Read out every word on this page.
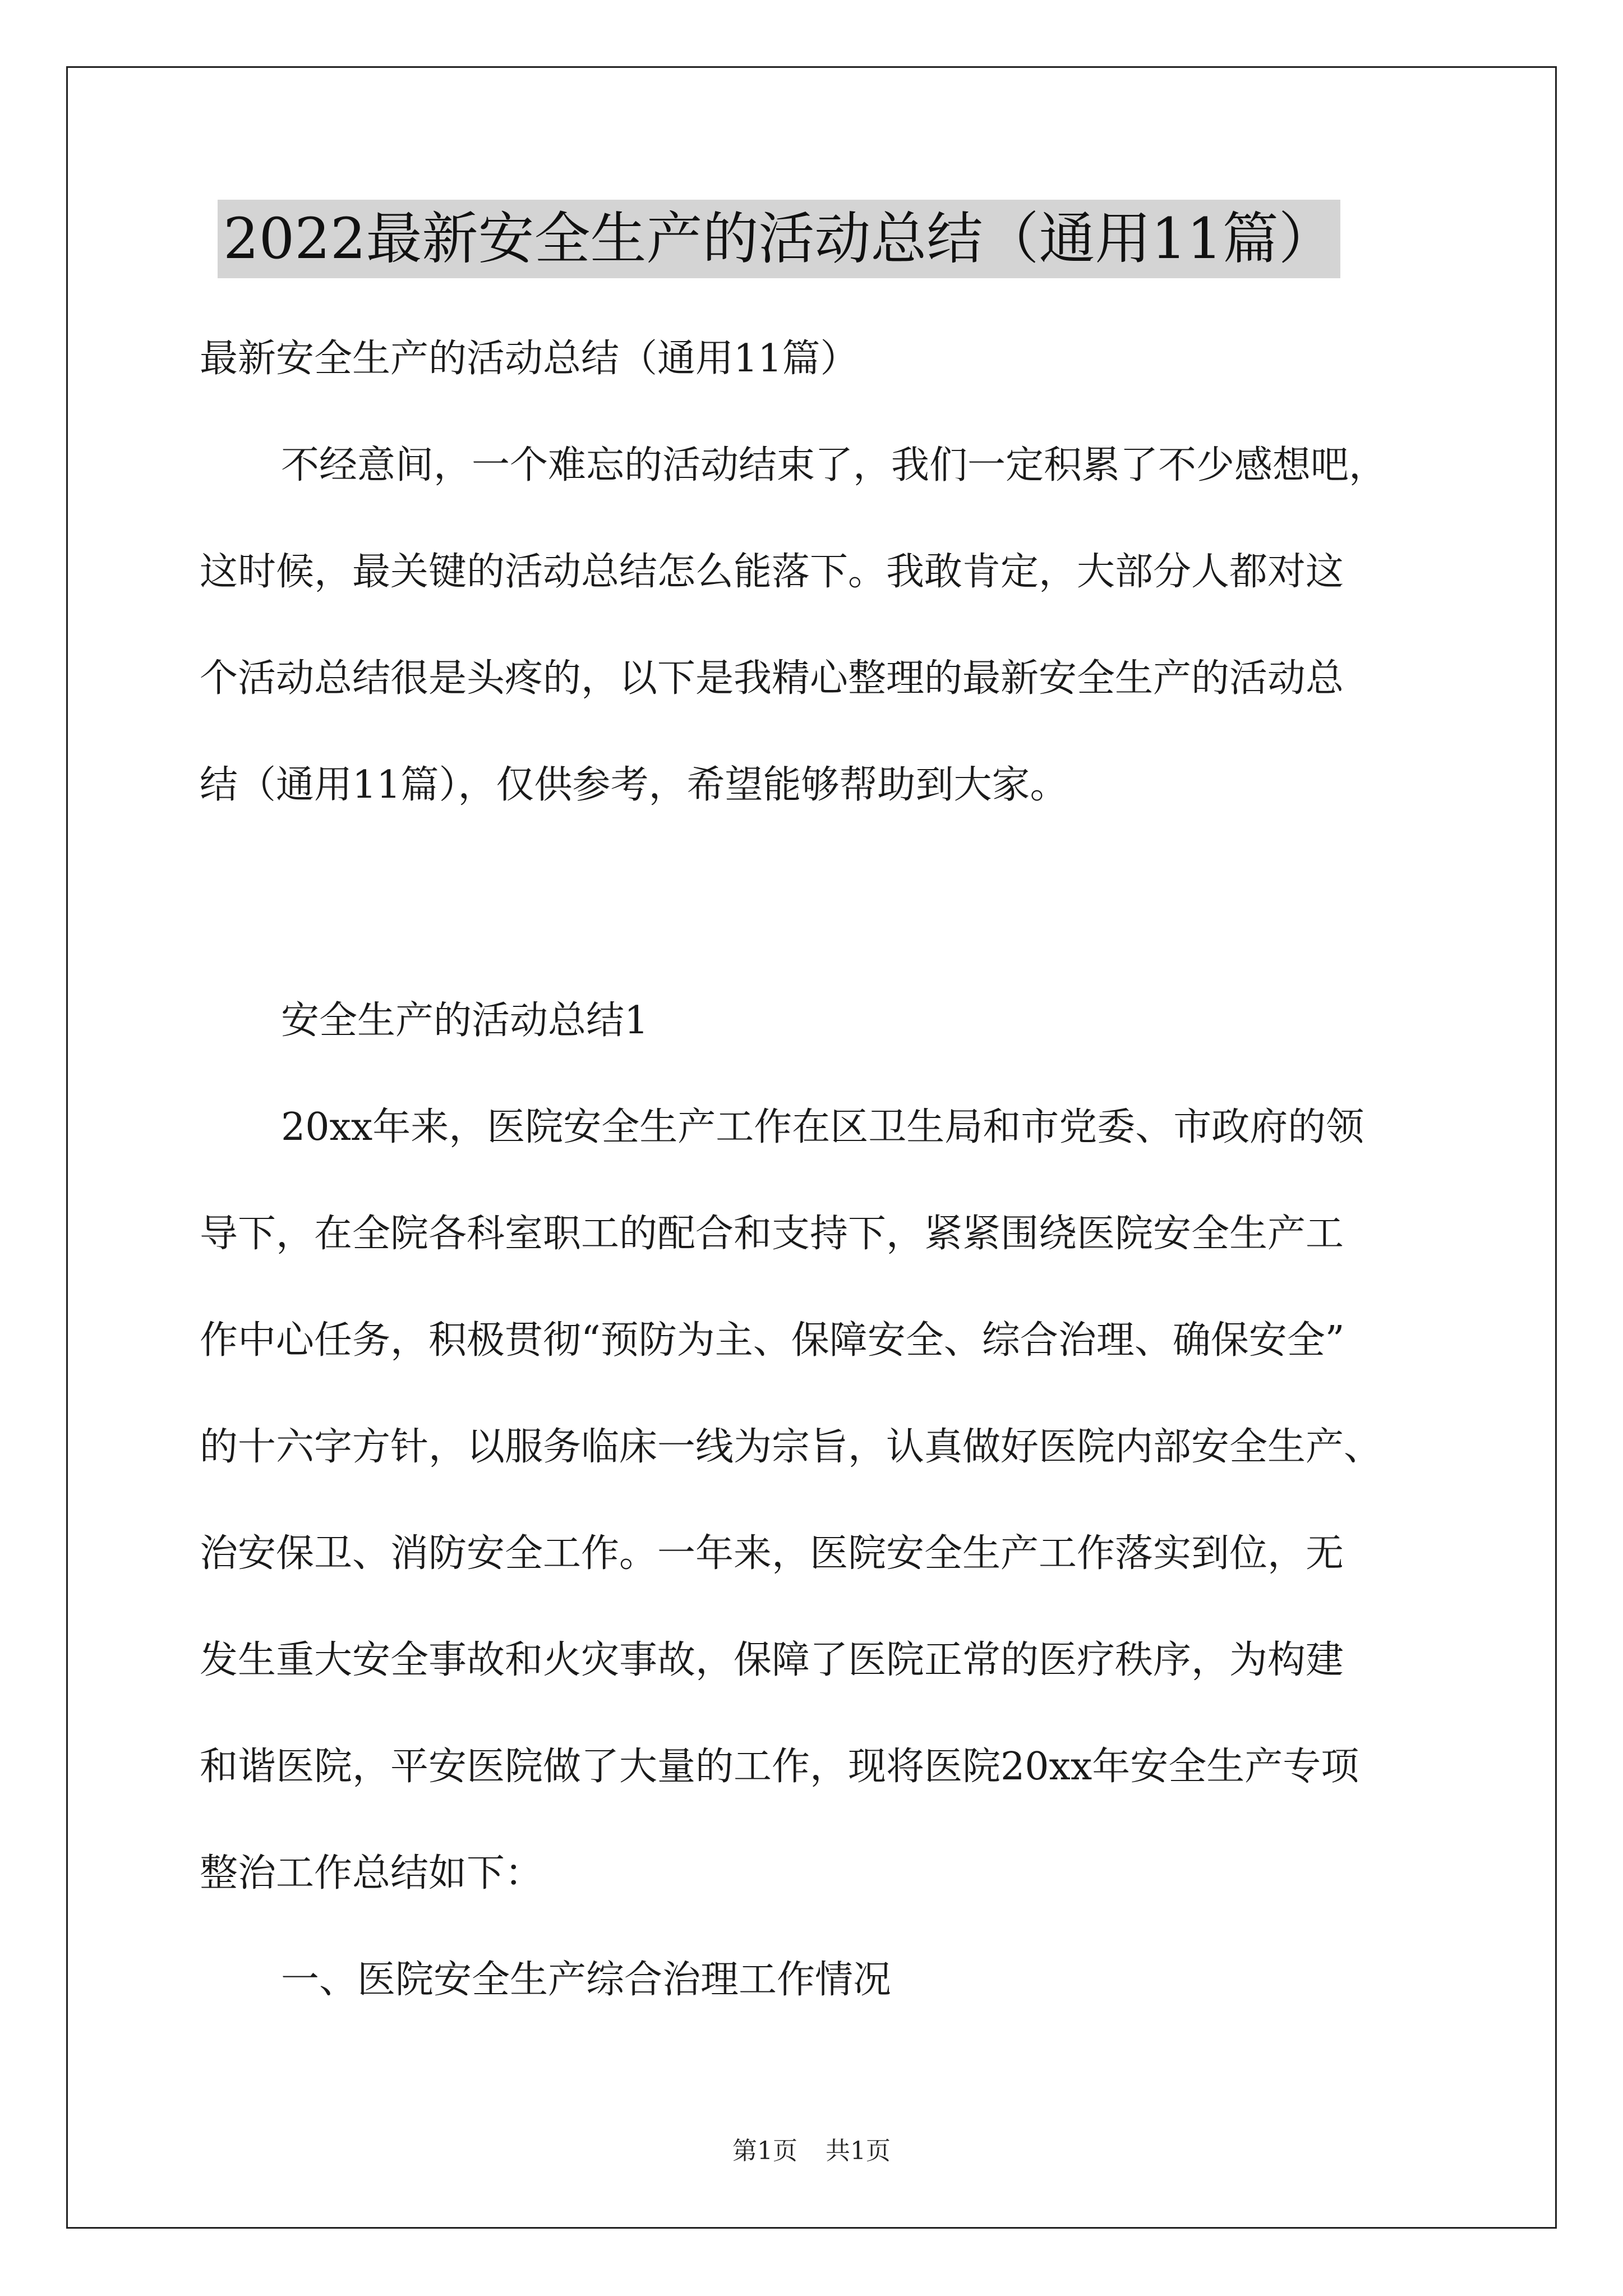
2022最新安全生产的活动总结（通用11篇）
最新安全生产的活动总结（通用11篇）
不经意间，一个难忘的活动结束了，我们一定积累了不少感想吧，
这时候，最关键的活动总结怎么能落下。我敢肯定，大部分人都对这
个活动总结很是头疼的，以下是我精心整理的最新安全生产的活动总
结（通用11篇），仅供参考，希望能够帮助到大家。
安全生产的活动总结1
20xx年来，医院安全生产工作在区卫生局和市党委、市政府的领
导下，在全院各科室职工的配合和支持下，紧紧围绕医院安全生产工
作中心任务，积极贯彻“预防为主、保障安全、综合治理、确保安全”
的十六字方针，以服务临床一线为宗旨，认真做好医院内部安全生产、
治安保卫、消防安全工作。一年来，医院安全生产工作落实到位，无
发生重大安全事故和火灾事故，保障了医院正常的医疗秩序，为构建
和谐医院，平安医院做了大量的工作，现将医院20xx年安全生产专项
整治工作总结如下：
一、医院安全生产综合治理工作情况
第1页 共1页
